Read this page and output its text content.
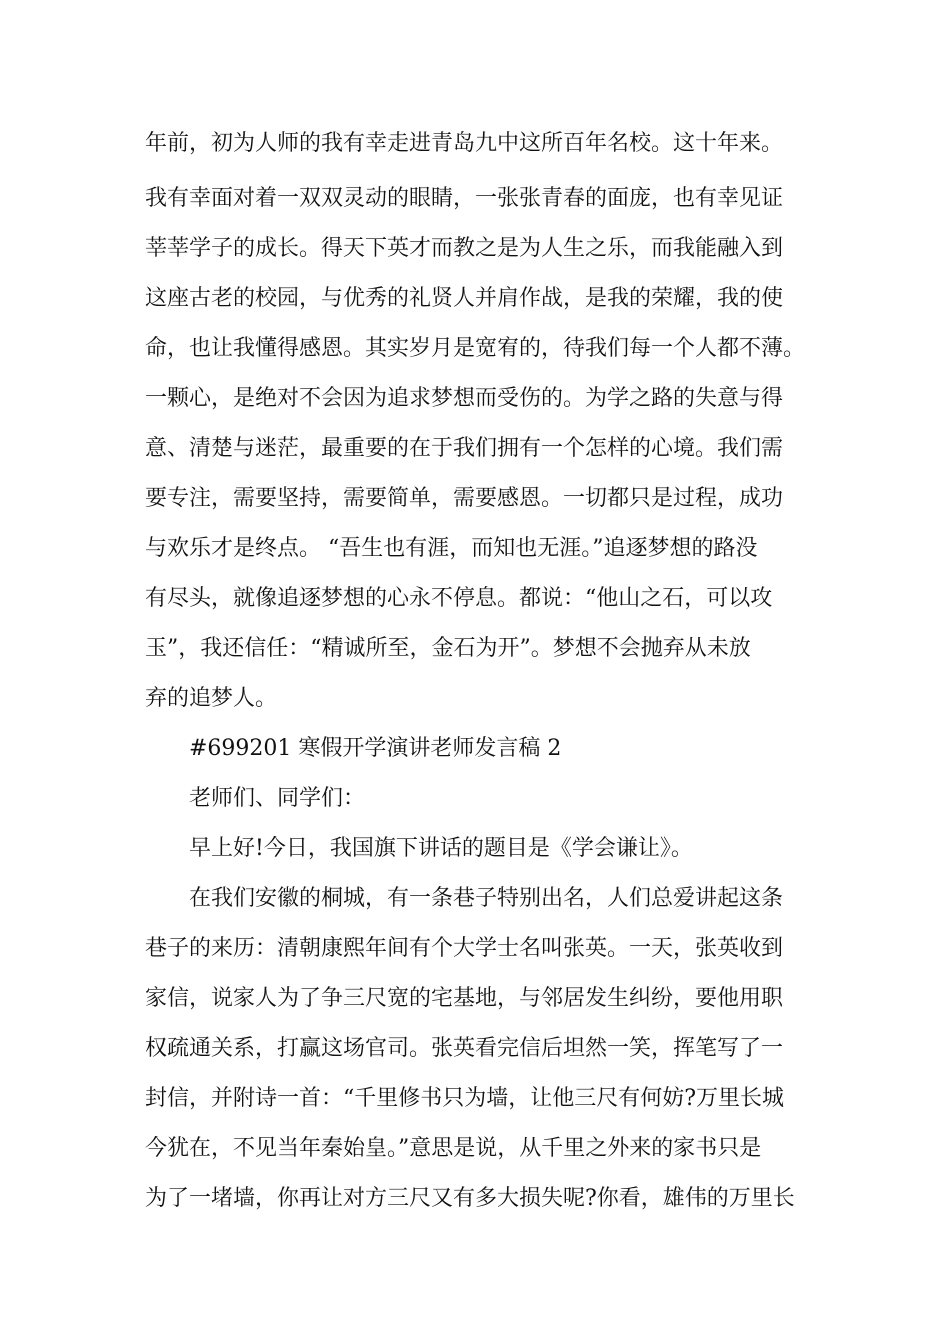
年前，初为人师的我有幸走进青岛九中这所百年名校。这十年来。
我有幸面对着一双双灵动的眼睛，一张张青春的面庞，也有幸见证
莘莘学子的成长。得天下英才而教之是为人生之乐，而我能融入到
这座古老的校园，与优秀的礼贤人并肩作战，是我的荣耀，我的使
命，也让我懂得感恩。其实岁月是宽宥的，待我们每一个人都不薄。
一颗心，是绝对不会因为追求梦想而受伤的。为学之路的失意与得
意、清楚与迷茫，最重要的在于我们拥有一个怎样的心境。我们需
要专注，需要坚持，需要简单，需要感恩。一切都只是过程，成功
与欢乐才是终点。 “吾生也有涯，而知也无涯。”追逐梦想的路没
有尽头，就像追逐梦想的心永不停息。都说：“他山之石，可以攻
玉”，我还信任：“精诚所至，金石为开”。梦想不会抛弃从未放
弃的追梦人。
#699201 寒假开学演讲老师发言稿 2
老师们、同学们：
早上好!今日，我国旗下讲话的题目是《学会谦让》。
在我们安徽的桐城，有一条巷子特别出名，人们总爱讲起这条
巷子的来历：清朝康熙年间有个大学士名叫张英。一天，张英收到
家信，说家人为了争三尺宽的宅基地，与邻居发生纠纷，要他用职
权疏通关系，打赢这场官司。张英看完信后坦然一笑，挥笔写了一
封信，并附诗一首：“千里修书只为墙，让他三尺有何妨?万里长城
今犹在，不见当年秦始皇。”意思是说，从千里之外来的家书只是
为了一堵墙，你再让对方三尺又有多大损失呢?你看，雄伟的万里长
